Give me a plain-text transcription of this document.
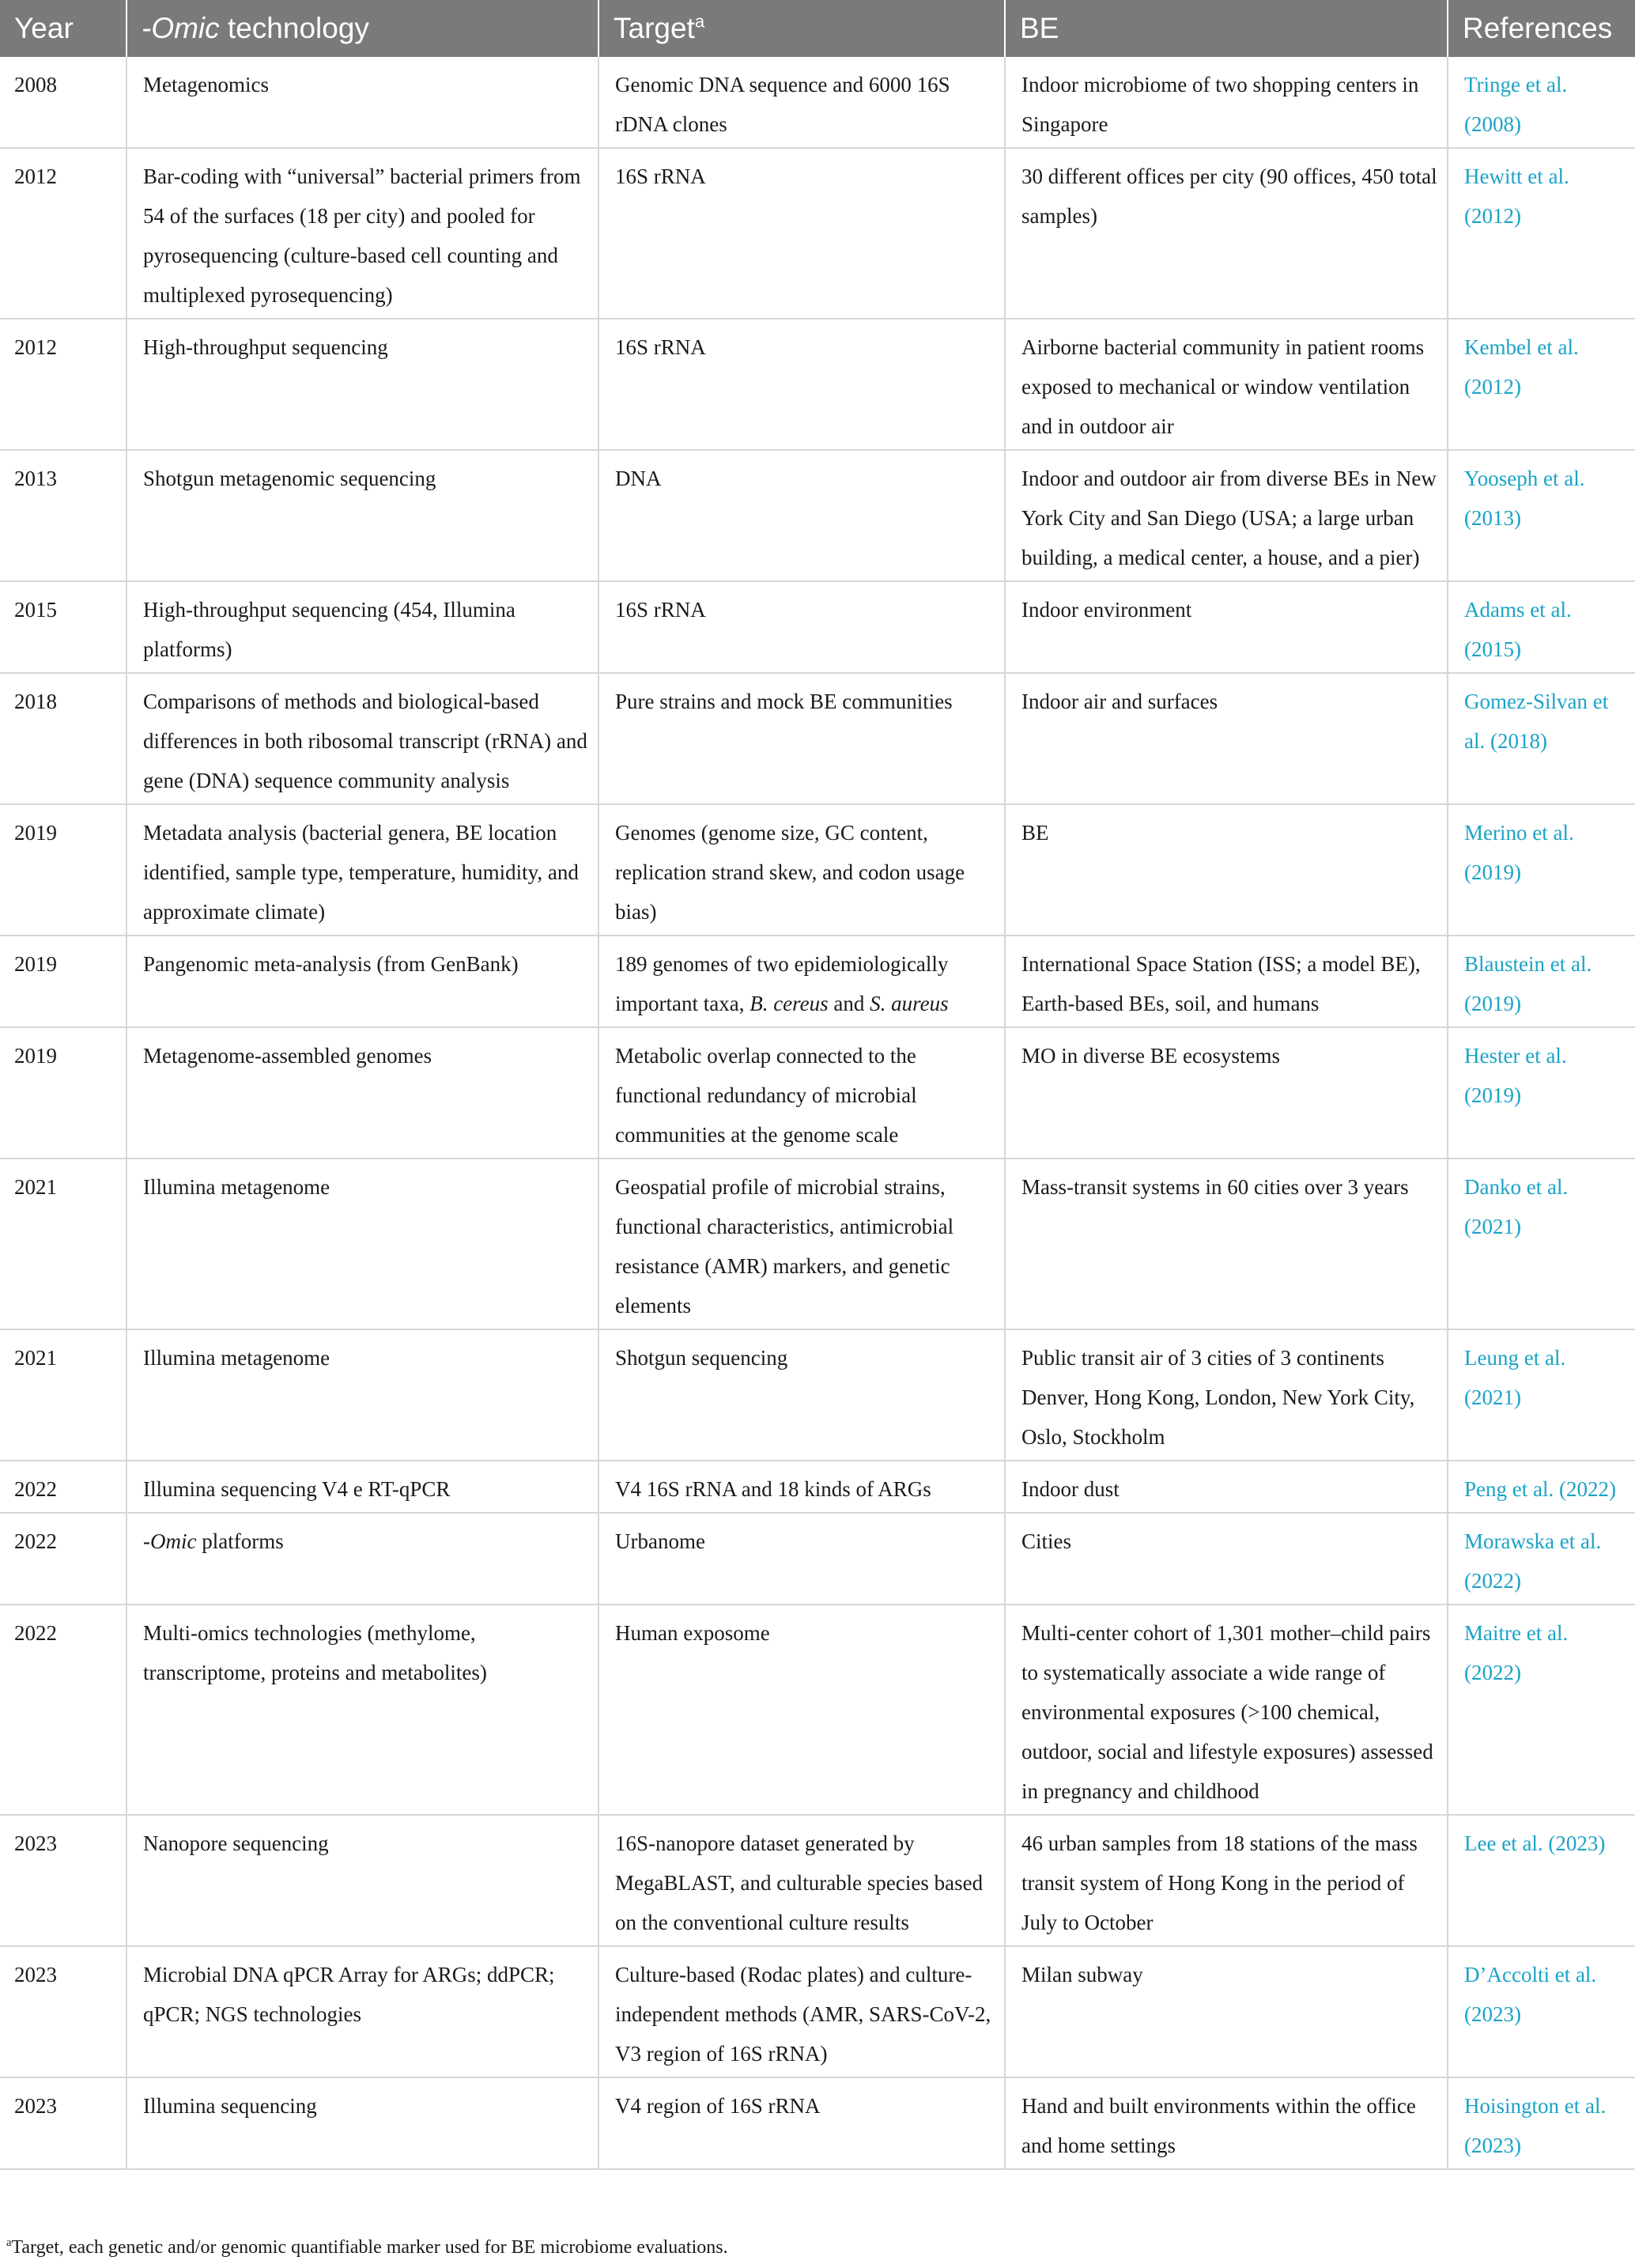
Year	-Omic technology	Target$^a$	BE	References
2008	Metagenomics	Genomic DNA sequence and 6000 16S rDNA clones	Indoor microbiome of two shopping centers in Singapore	Tringe et al. (2008)
2012	Bar-coding with “universal” bacterial primers from 54 of the surfaces (18 per city) and pooled for pyrosequencing (culture-based cell counting and multiplexed pyrosequencing)	16S rRNA	30 different offices per city (90 offices, 450 total samples)	Hewitt et al. (2012)
2012	High-throughput sequencing	16S rRNA	Airborne bacterial community in patient rooms exposed to mechanical or window ventilation and in outdoor air	Kembel et al. (2012)
2013	Shotgun metagenomic sequencing	DNA	Indoor and outdoor air from diverse BEs in New York City and San Diego (USA; a large urban building, a medical center, a house, and a pier)	Yooseph et al. (2013)
2015	High-throughput sequencing (454, Illumina platforms)	16S rRNA	Indoor environment	Adams et al. (2015)
2018	Comparisons of methods and biological-based differences in both ribosomal transcript (rRNA) and gene (DNA) sequence community analysis	Pure strains and mock BE communities	Indoor air and surfaces	Gomez-Silvan et al. (2018)
2019	Metadata analysis (bacterial genera, BE location identified, sample type, temperature, humidity, and approximate climate)	Genomes (genome size, GC content, replication strand skew, and codon usage bias)	BE	Merino et al. (2019)
2019	Pangenomic meta-analysis (from GenBank)	189 genomes of two epidemiologically important taxa, B. cereus and S. aureus	International Space Station (ISS; a model BE), Earth-based BEs, soil, and humans	Blaustein et al. (2019)
2019	Metagenome-assembled genomes	Metabolic overlap connected to the functional redundancy of microbial communities at the genome scale	MO in diverse BE ecosystems	Hester et al. (2019)
2021	Illumina metagenome	Geospatial profile of microbial strains, functional characteristics, antimicrobial resistance (AMR) markers, and genetic elements	Mass-transit systems in 60 cities over 3 years	Danko et al. (2021)
2021	Illumina metagenome	Shotgun sequencing	Public transit air of 3 cities of 3 continents Denver, Hong Kong, London, New York City, Oslo, Stockholm	Leung et al. (2021)
2022	Illumina sequencing V4 e RT-qPCR	V4 16S rRNA and 18 kinds of ARGs	Indoor dust	Peng et al. (2022)
2022	-Omic platforms	Urbanome	Cities	Morawska et al. (2022)
2022	Multi-omics technologies (methylome, transcriptome, proteins and metabolites)	Human exposome	Multi-center cohort of 1,301 mother–child pairs to systematically associate a wide range of environmental exposures (>100 chemical, outdoor, social and lifestyle exposures) assessed in pregnancy and childhood	Maitre et al. (2022)
2023	Nanopore sequencing	16S-nanopore dataset generated by MegaBLAST, and culturable species based on the conventional culture results	46 urban samples from 18 stations of the mass transit system of Hong Kong in the period of July to October	Lee et al. (2023)
2023	Microbial DNA qPCR Array for ARGs; ddPCR; qPCR; NGS technologies	Culture-based (Rodac plates) and culture-independent methods (AMR, SARS-CoV-2, V3 region of 16S rRNA)	Milan subway	D’Accolti et al. (2023)
2023	Illumina sequencing	V4 region of 16S rRNA	Hand and built environments within the office and home settings	Hoisington et al. (2023)
$^a$Target, each genetic and/or genomic quantifiable marker used for BE microbiome evaluations.
